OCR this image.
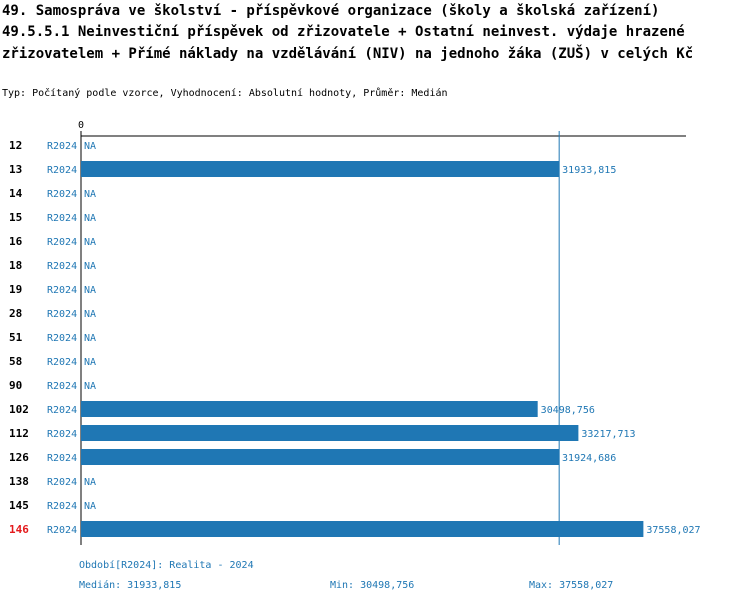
49. Samospráva ve školství - příspěvkové organizace (školy a školská zařízení)
49.5.5.1 Neinvestiční příspěvek od zřizovatele + Ostatní neinvest. výdaje hrazené zřizovatelem + Přímé náklady na vzdělávání (NIV) na jednoho žáka (ZUŠ) v celých Kč
Typ: Počítaný podle vzorce, Vyhodnocení: Absolutní hodnoty, Průměr: Medián
0
12 R2024 NA
13 R2024	31933,815
14 R2024 NA
15 R2024 NA
16 R2024 NA
18 R2024 NA
19 R2024 NA
28 R2024 NA
51 R2024 NA
58 R2024 NA
90 R2024 NA
102 R2024	30498,756
112 R2024	33217,713
126 R2024	31924,686
138 R2024 NA
145 R2024 NA
146 R2024	37558,027
Období[R2024]: Realita - 2024
Medián: 31933,815	Min: 30498,756	Max: 37558,027
